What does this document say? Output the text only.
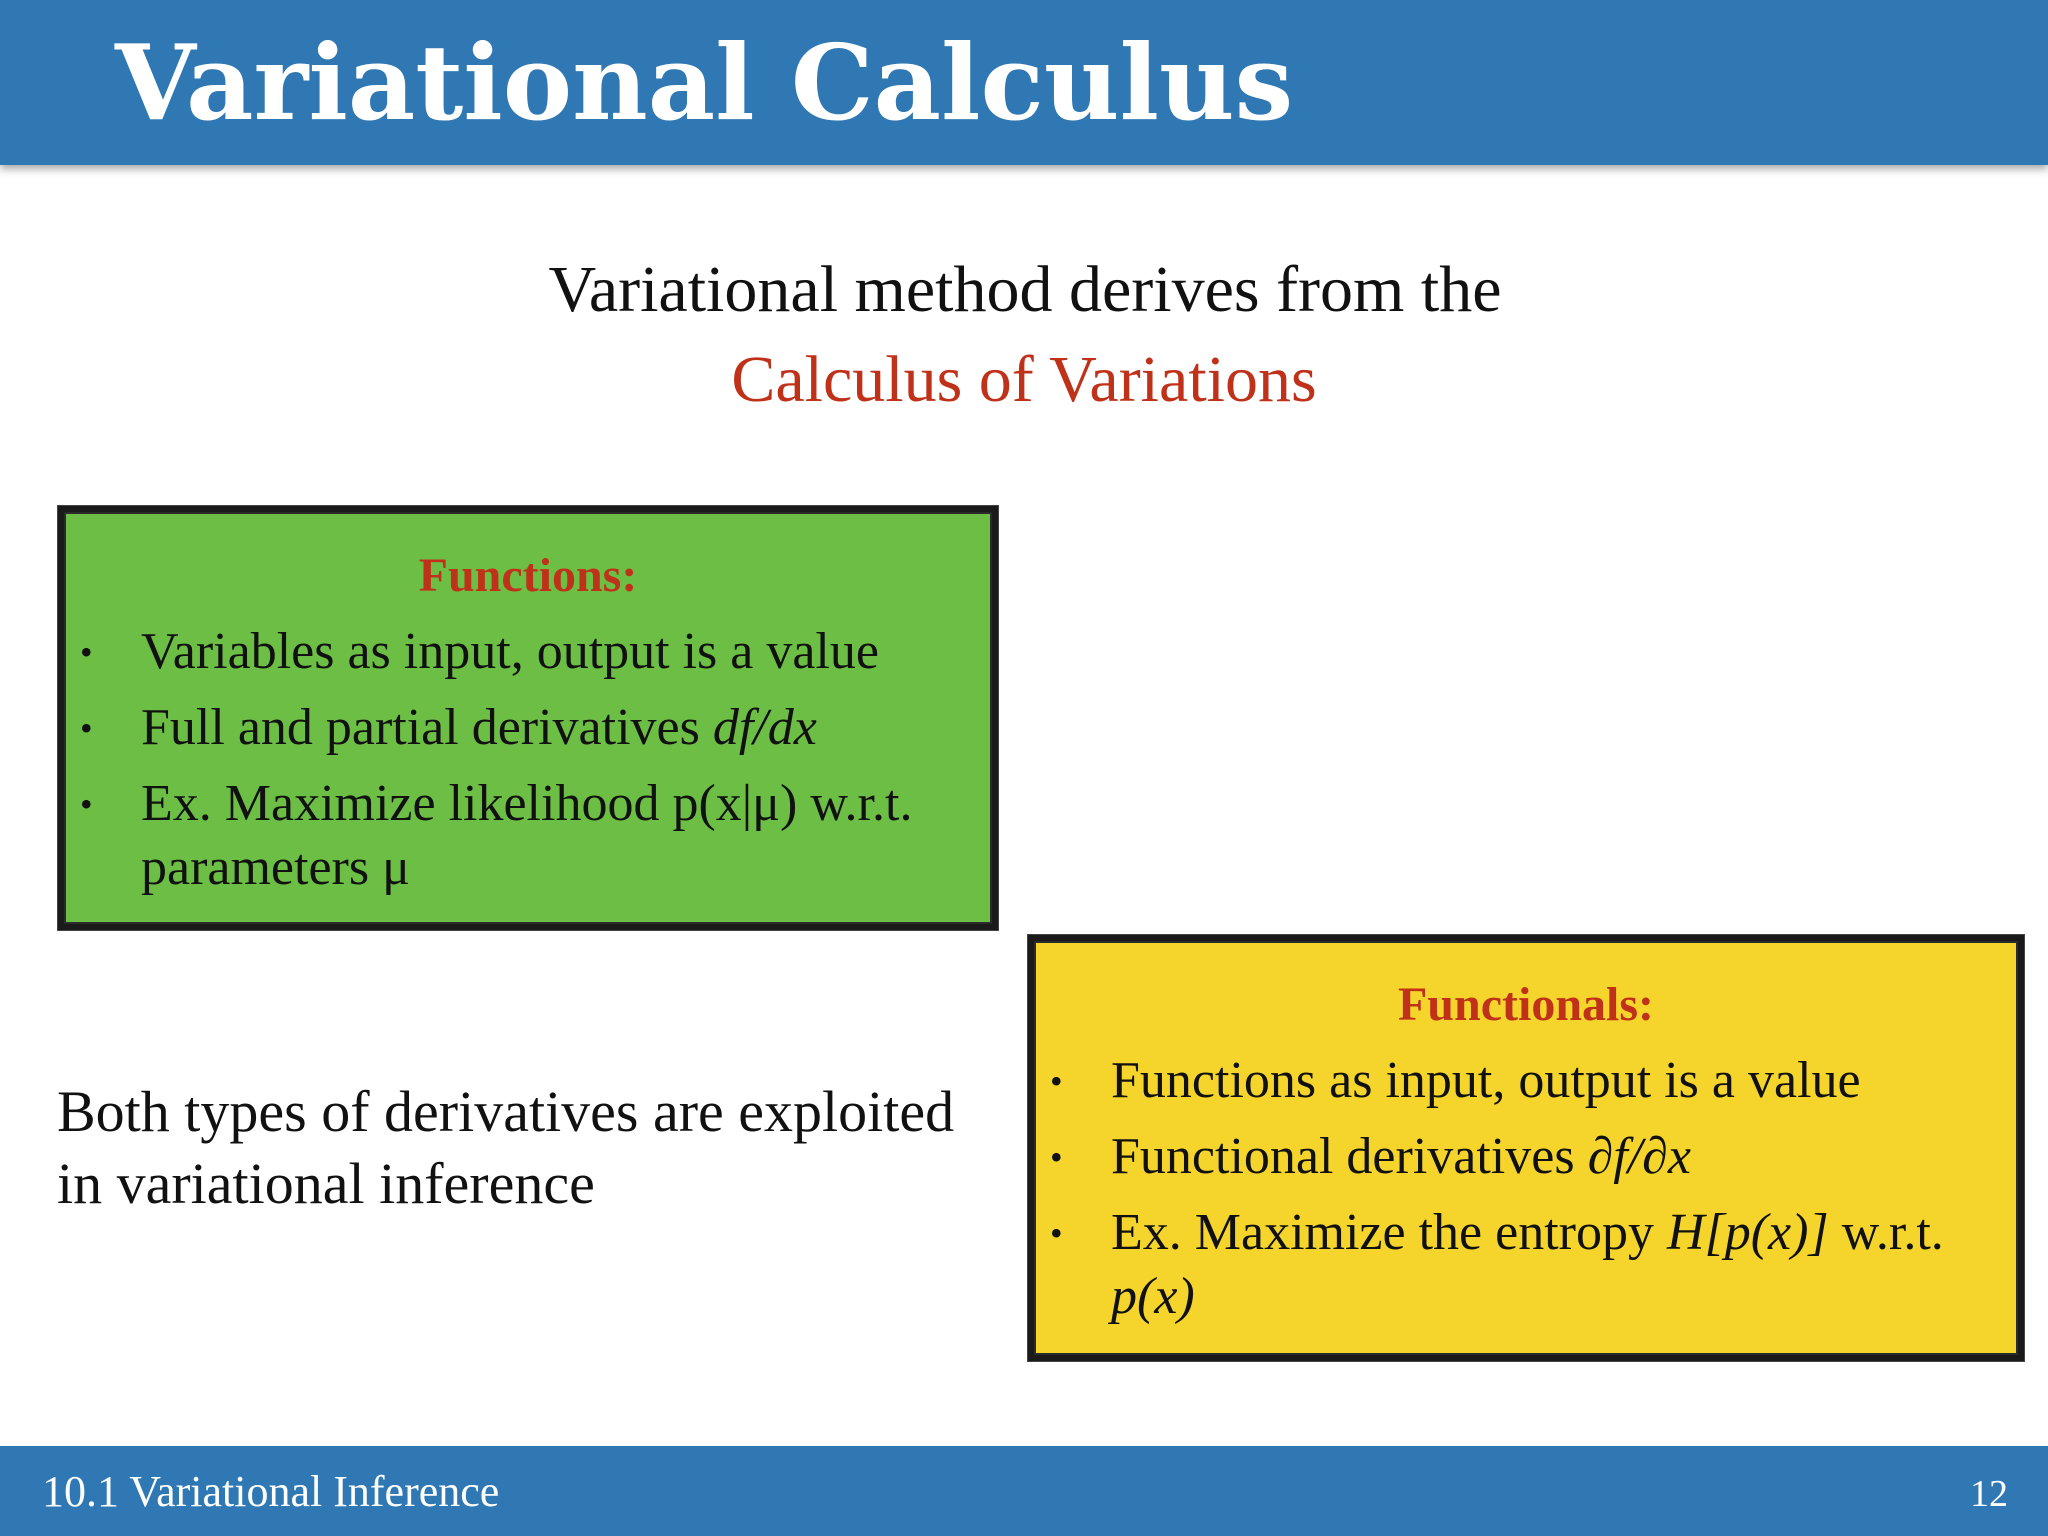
Variational Calculus
Variational method derives from the
Calculus of Variations
Functions:
• Variables as input, output is a value
• Full and partial derivatives df/dx
• Ex. Maximize likelihood p(x|μ) w.r.t. parameters μ
Both types of derivatives are exploited in variational inference
Functionals:
• Functions as input, output is a value
• Functional derivatives ∂f/∂x
• Ex. Maximize the entropy H[p(x)] w.r.t. p(x)
10.1 Variational Inference	12
